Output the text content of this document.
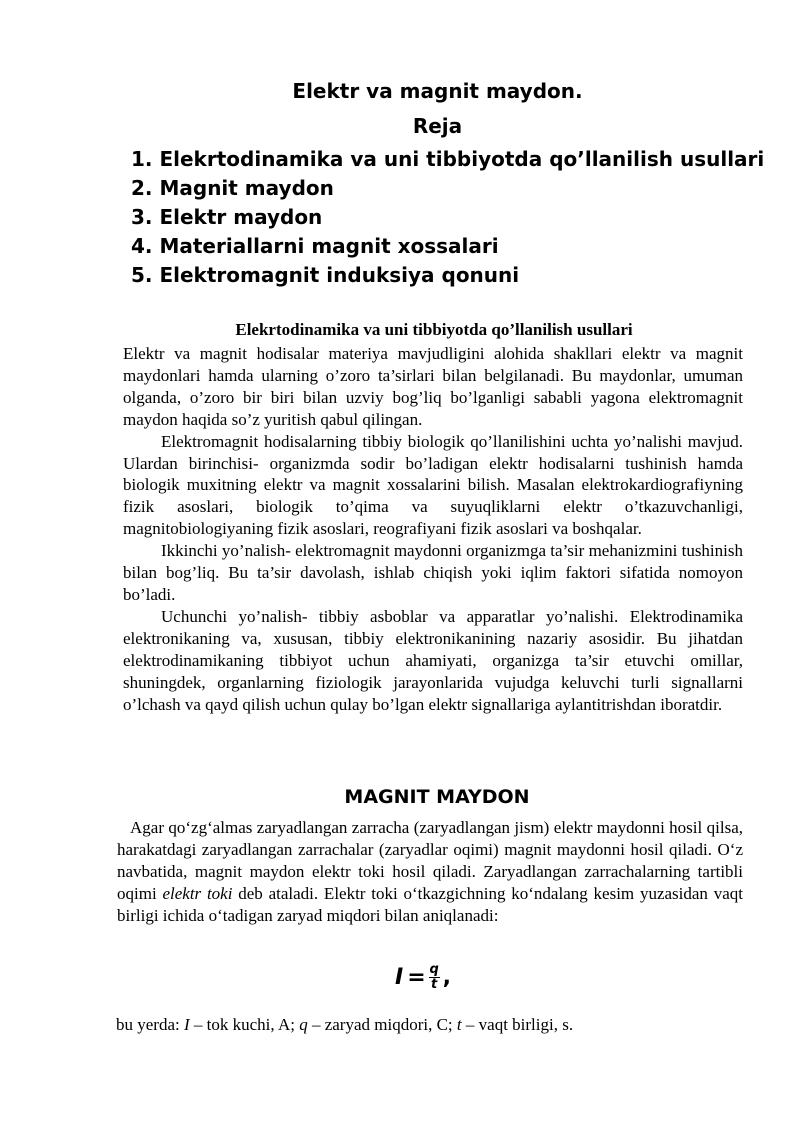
Elektr va magnit maydon.
Reja
1. Elekrtodinamika va uni tibbiyotda qo’llanilish usullari
2. Magnit maydon
3. Elektr maydon
4. Materiallarni magnit xossalari
5. Elektromagnit induksiya qonuni
Elekrtodinamika va uni tibbiyotda qo’llanilish usullari

Elektr va magnit hodisalar materiya mavjudligini alohida shakllari elektr va magnit maydonlari hamda ularning o’zoro ta’sirlari bilan belgilanadi. Bu maydonlar, umuman olganda, o’zoro bir biri bilan uzviy bog’liq bo’lganligi sababli yagona elektromagnit maydon haqida so’z yuritish qabul qilingan.

Elektromagnit hodisalarning tibbiy biologik qo’llanilishini uchta yo’nalishi mavjud. Ulardan birinchisi- organizmda sodir bo’ladigan elektr hodisalarni tushinish hamda biologik muxitning elektr va magnit xossalarini bilish. Masalan elektrokardiografiyning fizik asoslari, biologik to’qima va suyuqliklarni elektr o’tkazuvchanligi, magnitobiologiyaning fizik asoslari, reografiyani fizik asoslari va boshqalar.

Ikkinchi yo’nalish- elektromagnit maydonni organizmga ta’sir mehanizmini tushinish bilan bog’liq. Bu ta’sir davolash, ishlab chiqish yoki iqlim faktori sifatida nomoyon bo’ladi.

Uchunchi yo’nalish- tibbiy asboblar va apparatlar yo’nalishi. Elektrodinamika elektronikaning va, xususan, tibbiy elektronikanining nazariy asosidir. Bu jihatdan elektrodinamikaning tibbiyot uchun ahamiyati, organizga ta’sir etuvchi omillar, shuningdek, organlarning fiziologik jarayonlarida vujudga keluvchi turli signallarni o’lchash va qayd qilish uchun qulay bo’lgan elektr signallariga aylantitrishdan iboratdir.

MAGNIT MAYDON

Agar qo‘zg‘almas zaryadlangan zarracha (zaryadlangan jism) elektr maydonni hosil qilsa, harakatdagi zaryadlangan zarrachalar (zaryadlar oqimi) magnit maydonni hosil qiladi. O‘z navbatida, magnit maydon elektr toki hosil qiladi. Zaryadlangan zarrachalarning tartibli oqimi elektr toki deb ataladi. Elektr toki o‘tkazgichning ko‘ndalang kesim yuzasidan vaqt birligi ichida o‘tadigan zaryad miqdori bilan aniqlanadi:

$I = \frac{q}{t}$ ,
bu yerda: I – tok kuchi, A; q – zaryad miqdori, C; t – vaqt birligi, s.
